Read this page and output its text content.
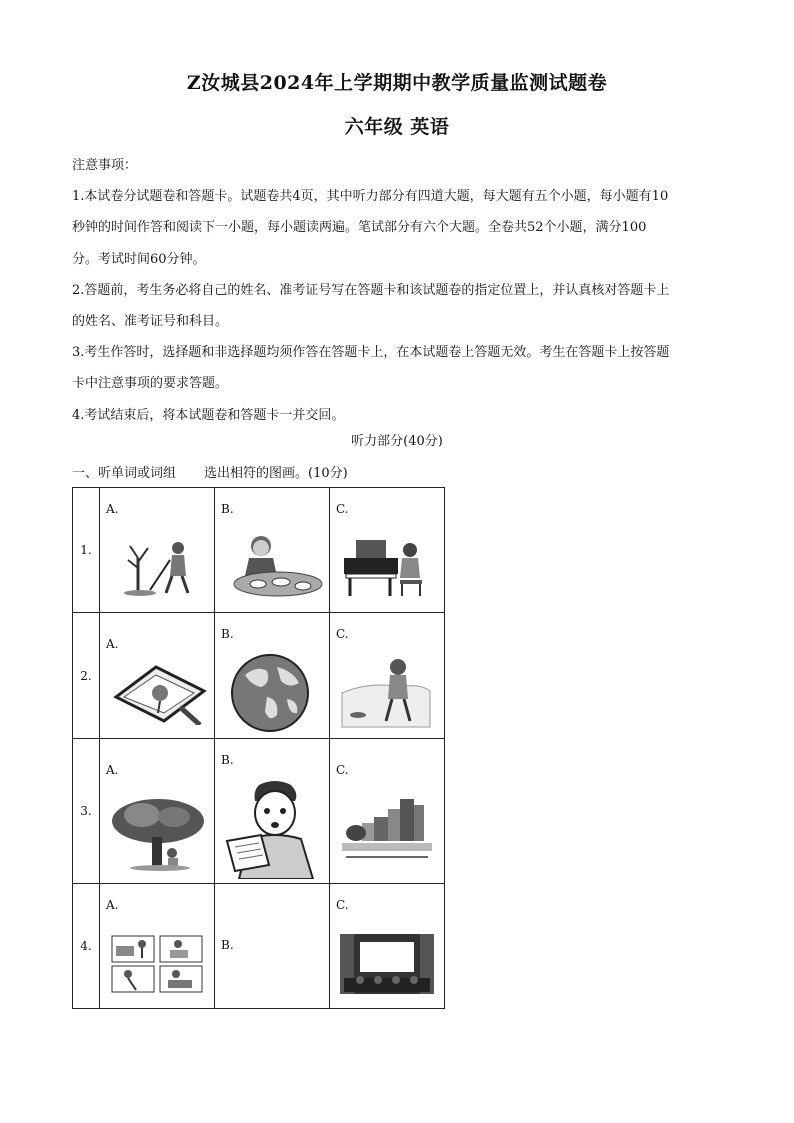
Z汝城县2024年上学期期中教学质量监测试题卷
六年级 英语

注意事项：

1.本试卷分试题卷和答题卡。试题卷共4页，其中听力部分有四道大题，每大题有五个小题，每小题有10

秒钟的时间作答和阅读下一小题，每小题读两遍。笔试部分有六个大题。全卷共52个小题，满分100

分。考试时间60分钟。

2.答题前，考生务必将自己的姓名、准考证号写在答题卡和该试题卷的指定位置上，并认真核对答题卡上

的姓名、准考证号和科目。

3.考生作答时，选择题和非选择题均须作答在答题卡上，在本试题卷上答题无效。考生在答题卡上按答题

卡中注意事项的要求答题。

4.考试结束后，将本试题卷和答题卡一并交回。

听力部分(40分)
一、听单词或词组 选出相符的图画。(10分)
1.	A.	B.	C.

2.	A.	B.	C.

3.	A.	B.	C.

4.	A.	B.	C.
